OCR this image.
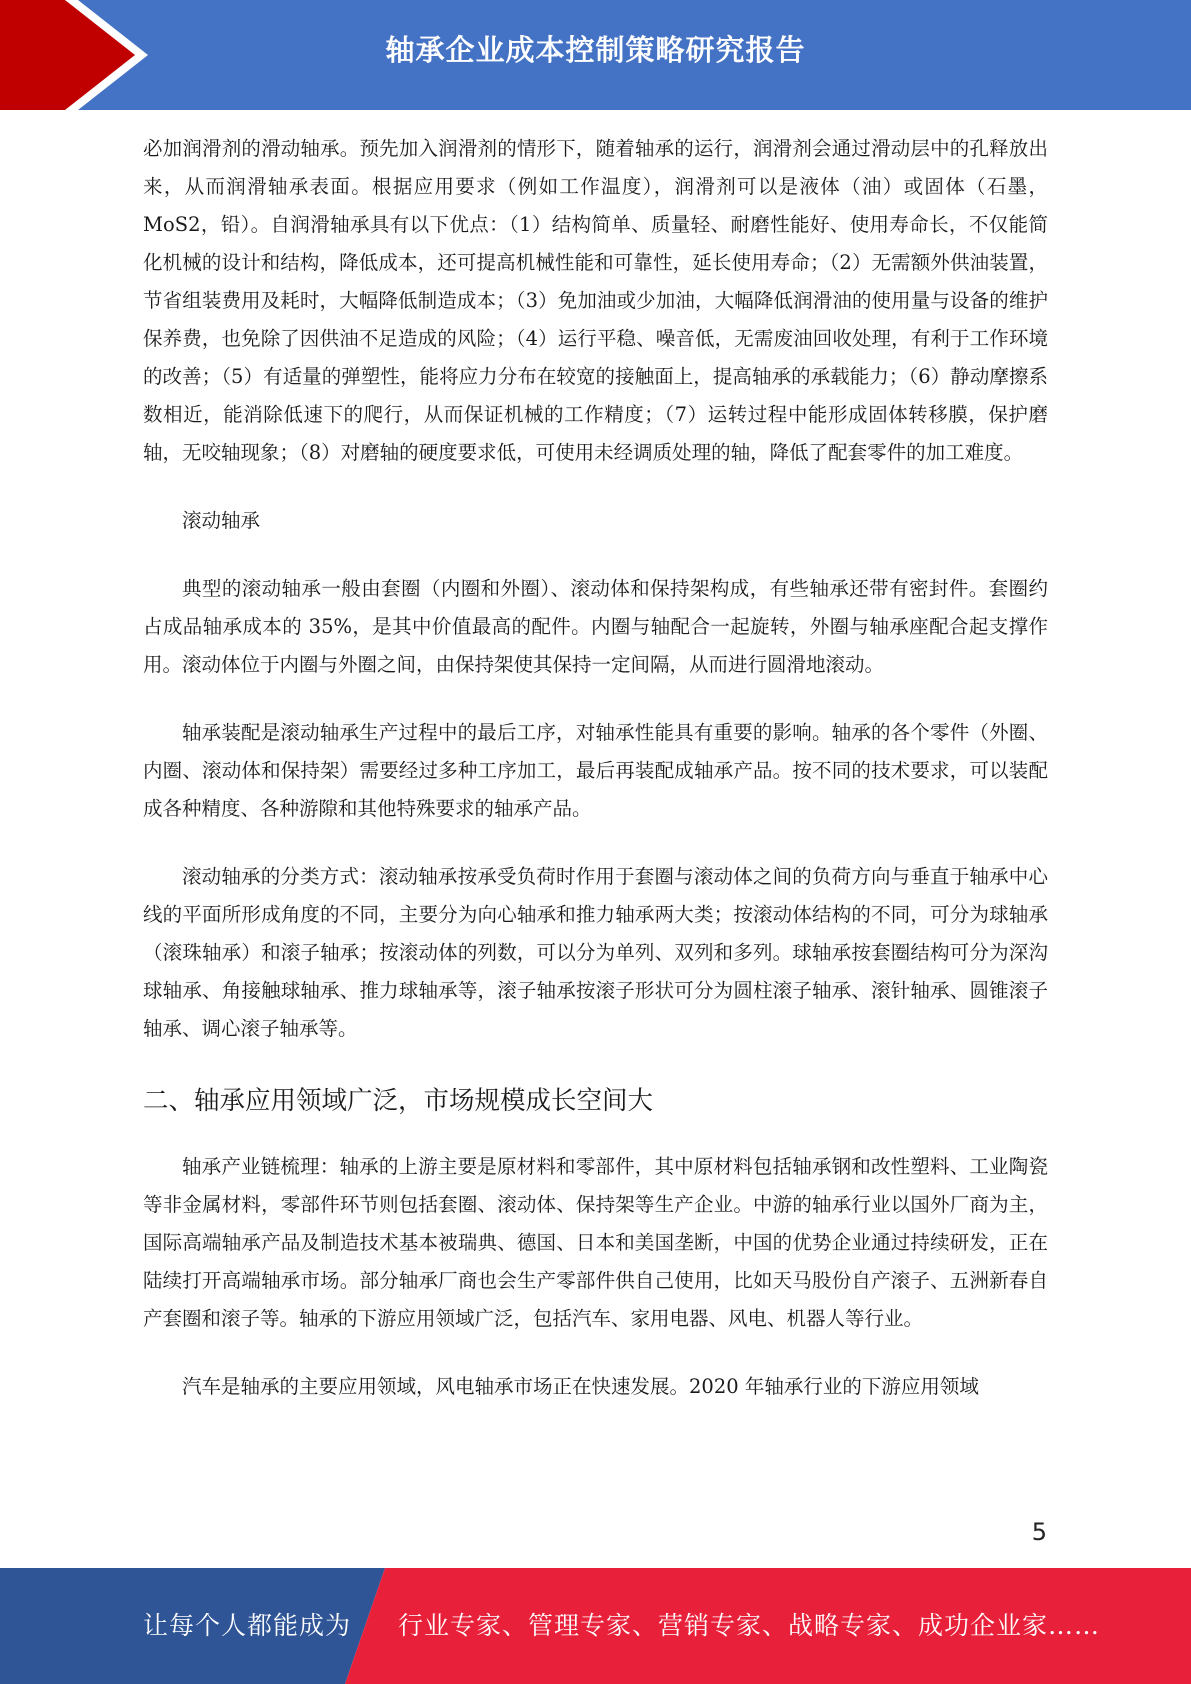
轴承企业成本控制策略研究报告

必加润滑剂的滑动轴承。预先加入润滑剂的情形下，随着轴承的运行，润滑剂会通过滑动层中的孔释放出来，从而润滑轴承表面。根据应用要求（例如工作温度），润滑剂可以是液体（油）或固体（石墨，MoS2，铅）。自润滑轴承具有以下优点：（1）结构简单、质量轻、耐磨性能好、使用寿命长，不仅能简化机械的设计和结构，降低成本，还可提高机械性能和可靠性，延长使用寿命；（2）无需额外供油装置，节省组装费用及耗时，大幅降低制造成本；（3）免加油或少加油，大幅降低润滑油的使用量与设备的维护保养费，也免除了因供油不足造成的风险；（4）运行平稳、噪音低，无需废油回收处理，有利于工作环境的改善；（5）有适量的弹塑性，能将应力分布在较宽的接触面上，提高轴承的承载能力；（6）静动摩擦系数相近，能消除低速下的爬行，从而保证机械的工作精度；（7）运转过程中能形成固体转移膜，保护磨轴，无咬轴现象；（8）对磨轴的硬度要求低，可使用未经调质处理的轴，降低了配套零件的加工难度。

滚动轴承

典型的滚动轴承一般由套圈（内圈和外圈）、滚动体和保持架构成，有些轴承还带有密封件。套圈约占成品轴承成本的 35%，是其中价值最高的配件。内圈与轴配合一起旋转，外圈与轴承座配合起支撑作用。滚动体位于内圈与外圈之间，由保持架使其保持一定间隔，从而进行圆滑地滚动。

轴承装配是滚动轴承生产过程中的最后工序，对轴承性能具有重要的影响。轴承的各个零件（外圈、内圈、滚动体和保持架）需要经过多种工序加工，最后再装配成轴承产品。按不同的技术要求，可以装配成各种精度、各种游隙和其他特殊要求的轴承产品。

滚动轴承的分类方式：滚动轴承按承受负荷时作用于套圈与滚动体之间的负荷方向与垂直于轴承中心线的平面所形成角度的不同，主要分为向心轴承和推力轴承两大类；按滚动体结构的不同，可分为球轴承（滚珠轴承）和滚子轴承；按滚动体的列数，可以分为单列、双列和多列。球轴承按套圈结构可分为深沟球轴承、角接触球轴承、推力球轴承等，滚子轴承按滚子形状可分为圆柱滚子轴承、滚针轴承、圆锥滚子轴承、调心滚子轴承等。

二、轴承应用领域广泛，市场规模成长空间大

轴承产业链梳理：轴承的上游主要是原材料和零部件，其中原材料包括轴承钢和改性塑料、工业陶瓷等非金属材料，零部件环节则包括套圈、滚动体、保持架等生产企业。中游的轴承行业以国外厂商为主，国际高端轴承产品及制造技术基本被瑞典、德国、日本和美国垄断，中国的优势企业通过持续研发，正在陆续打开高端轴承市场。部分轴承厂商也会生产零部件供自己使用，比如天马股份自产滚子、五洲新春自产套圈和滚子等。轴承的下游应用领域广泛，包括汽车、家用电器、风电、机器人等行业。

汽车是轴承的主要应用领域，风电轴承市场正在快速发展。2020 年轴承行业的下游应用领域

5
让每个人都能成为 行业专家、管理专家、营销专家、战略专家、成功企业家……
